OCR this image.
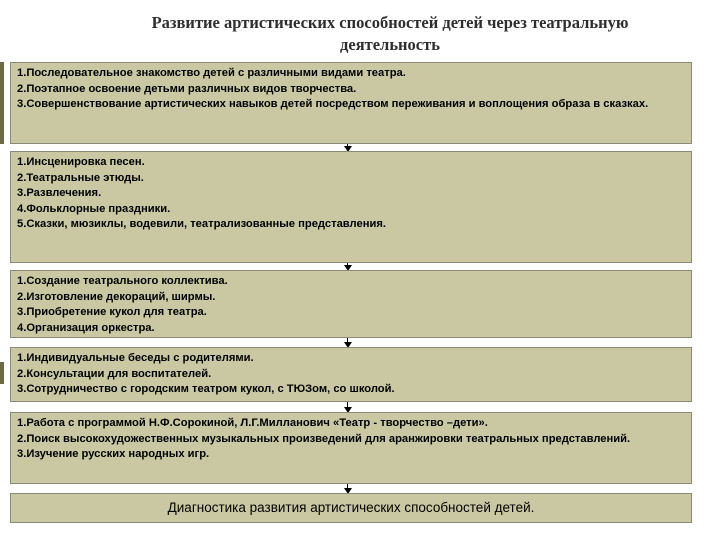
Развитие артистических способностей детей через театральную деятельность
1.Последовательное знакомство детей с различными видами театра.
2.Поэтапное освоение детьми различных видов творчества.
3.Совершенствование артистических навыков детей посредством переживания и воплощения образа в сказках.
1.Инсценировка песен.
2.Театральные этюды.
3.Развлечения.
4.Фольклорные праздники.
5.Сказки, мюзиклы, водевили, театрализованные представления.
1.Создание театрального коллектива.
2.Изготовление декораций, ширмы.
3.Приобретение кукол для театра.
4.Организация оркестра.
1.Индивидуальные беседы с родителями.
2.Консультации для воспитателей.
3.Сотрудничество с городским театром кукол, с ТЮЗом, со школой.
1.Работа с программой Н.Ф.Сорокиной, Л.Г.Милланович «Театр - творчество –дети».
2.Поиск высокохудожественных музыкальных произведений для аранжировки театральных представлений.
3.Изучение русских народных игр.
Диагностика развития артистических способностей детей.
